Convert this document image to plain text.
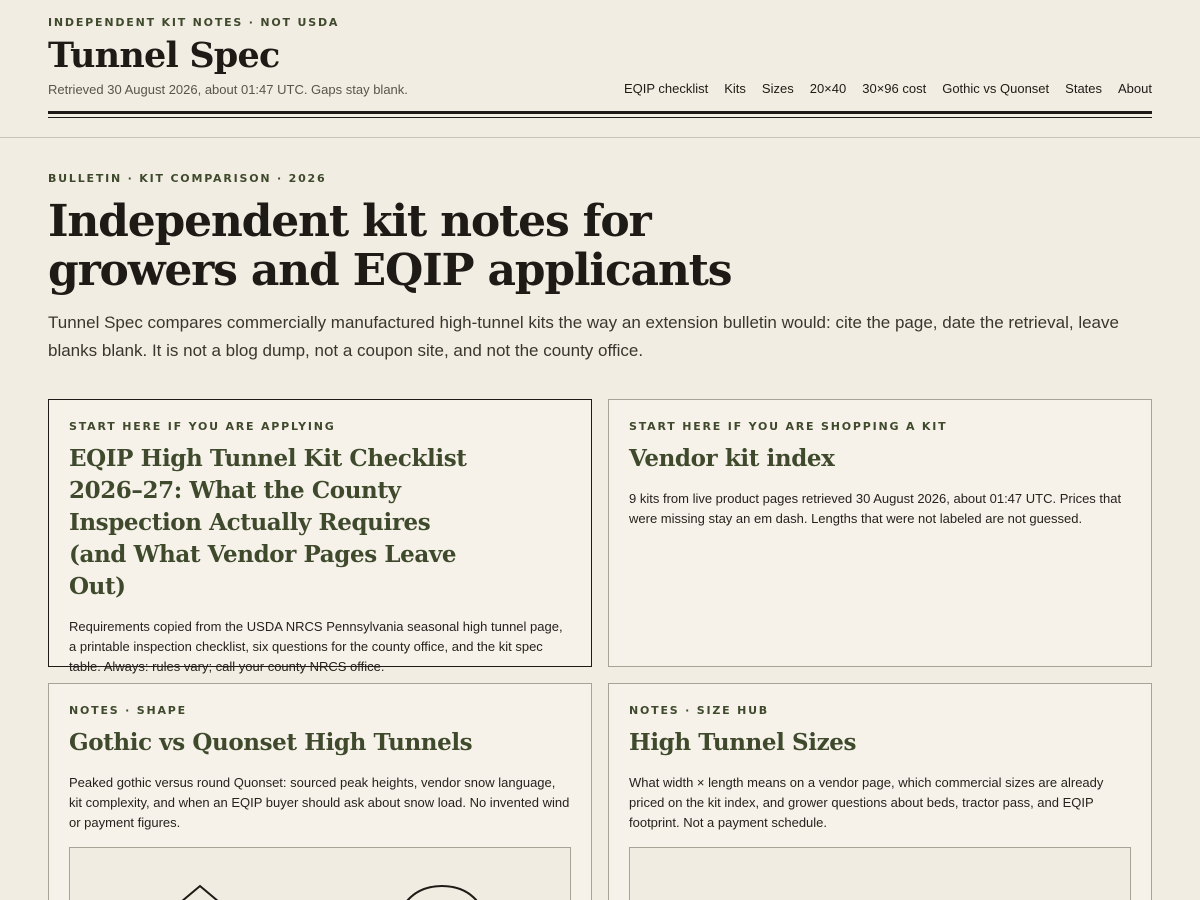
INDEPENDENT KIT NOTES · NOT USDA
Tunnel Spec
Retrieved 30 August 2026, about 01:47 UTC. Gaps stay blank.	EQIP checklist Kits Sizes 20×40 30×96 cost Gothic vs Quonset States About
BULLETIN · KIT COMPARISON · 2026
Independent kit notes for growers and EQIP applicants

Tunnel Spec compares commercially manufactured high-tunnel kits the way an extension bulletin would: cite the page, date the retrieval, leave blanks blank. It is not a blog dump, not a coupon site, and not the county office.

START HERE IF YOU ARE APPLYING
EQIP High Tunnel Kit Checklist 2026–27: What the County Inspection Actually Requires (and What Vendor Pages Leave Out)
Requirements copied from the USDA NRCS Pennsylvania seasonal high tunnel page, a printable inspection checklist, six questions for the county office, and the kit spec table. Always: rules vary; call your county NRCS office.
START HERE IF YOU ARE SHOPPING A KIT
Vendor kit index
9 kits from live product pages retrieved 30 August 2026, about 01:47 UTC. Prices that were missing stay an em dash. Lengths that were not labeled are not guessed.
NOTES · SHAPE
Gothic vs Quonset High Tunnels
Peaked gothic versus round Quonset: sourced peak heights, vendor snow language, kit complexity, and when an EQIP buyer should ask about snow load. No invented wind or payment figures.
NOTES · SIZE HUB
High Tunnel Sizes
What width × length means on a vendor page, which commercial sizes are already priced on the kit index, and grower questions about beds, tractor pass, and EQIP footprint. Not a payment schedule.
